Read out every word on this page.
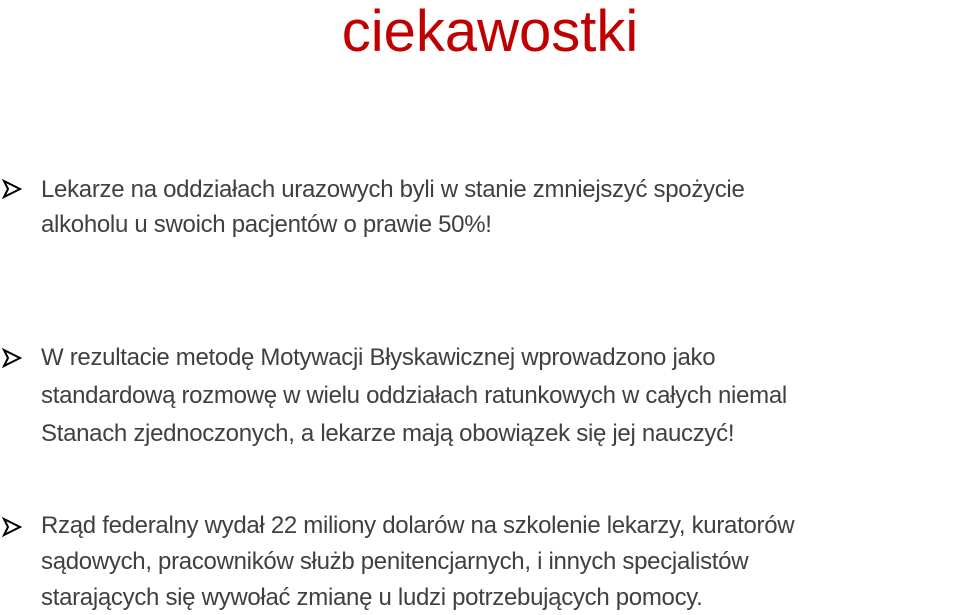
ciekawostki
Lekarze na oddziałach urazowych byli w stanie zmniejszyć spożycie
alkoholu u swoich pacjentów o prawie 50%!
W rezultacie metodę Motywacji Błyskawicznej wprowadzono jako
standardową rozmowę w wielu oddziałach ratunkowych w całych niemal
Stanach zjednoczonych, a lekarze mają obowiązek się jej nauczyć!
Rząd federalny wydał 22 miliony dolarów na szkolenie lekarzy, kuratorów
sądowych, pracowników służb penitencjarnych, i innych specjalistów
starających się wywołać zmianę u ludzi potrzebujących pomocy.
